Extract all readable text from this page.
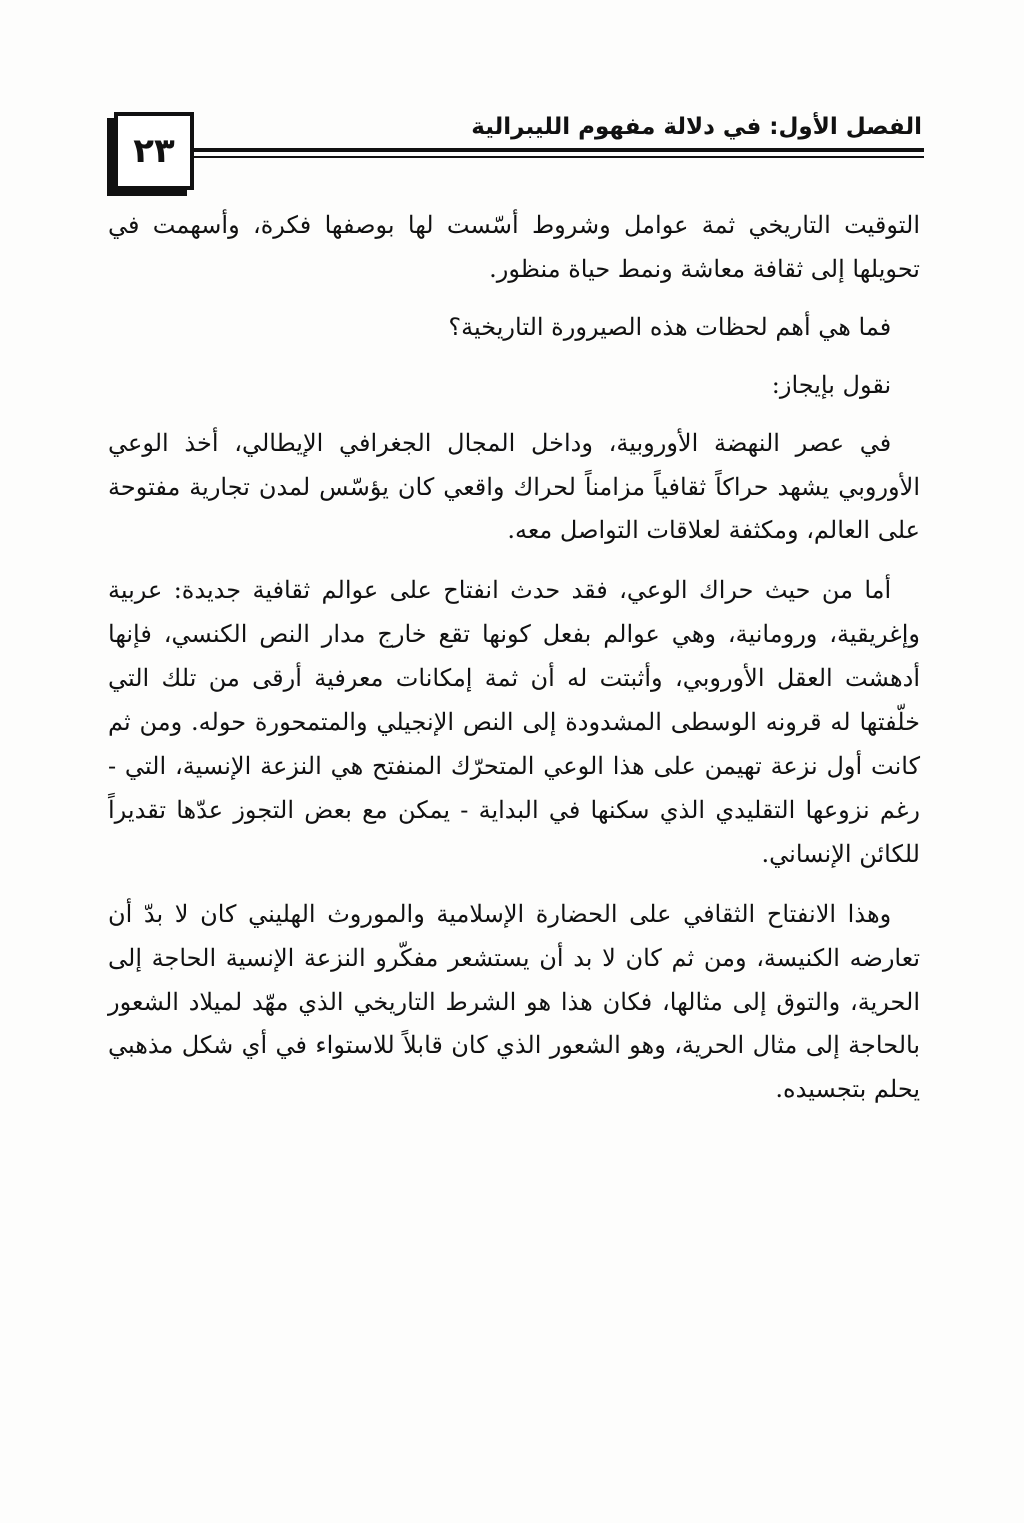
٢٣
الفصل الأول: في دلالة مفهوم الليبرالية

التوقيت التاريخي ثمة عوامل وشروط أسّست لها بوصفها فكرة، وأسهمت في تحويلها إلى ثقافة معاشة ونمط حياة منظور.

فما هي أهم لحظات هذه الصيرورة التاريخية؟

نقول بإيجاز:

في عصر النهضة الأوروبية، وداخل المجال الجغرافي الإيطالي، أخذ الوعي الأوروبي يشهد حراكاً ثقافياً مزامناً لحراك واقعي كان يؤسّس لمدن تجارية مفتوحة على العالم، ومكثفة لعلاقات التواصل معه.

أما من حيث حراك الوعي، فقد حدث انفتاح على عوالم ثقافية جديدة: عربية وإغريقية، ورومانية، وهي عوالم بفعل كونها تقع خارج مدار النص الكنسي، فإنها أدهشت العقل الأوروبي، وأثبتت له أن ثمة إمكانات معرفية أرقى من تلك التي خلّفتها له قرونه الوسطى المشدودة إلى النص الإنجيلي والمتمحورة حوله. ومن ثم كانت أول نزعة تهيمن على هذا الوعي المتحرّك المنفتح هي النزعة الإنسية، التي - رغم نزوعها التقليدي الذي سكنها في البداية - يمكن مع بعض التجوز عدّها تقديراً للكائن الإنساني.

وهذا الانفتاح الثقافي على الحضارة الإسلامية والموروث الهليني كان لا بدّ أن تعارضه الكنيسة، ومن ثم كان لا بد أن يستشعر مفكّرو النزعة الإنسية الحاجة إلى الحرية، والتوق إلى مثالها، فكان هذا هو الشرط التاريخي الذي مهّد لميلاد الشعور بالحاجة إلى مثال الحرية، وهو الشعور الذي كان قابلاً للاستواء في أي شكل مذهبي يحلم بتجسيده.
